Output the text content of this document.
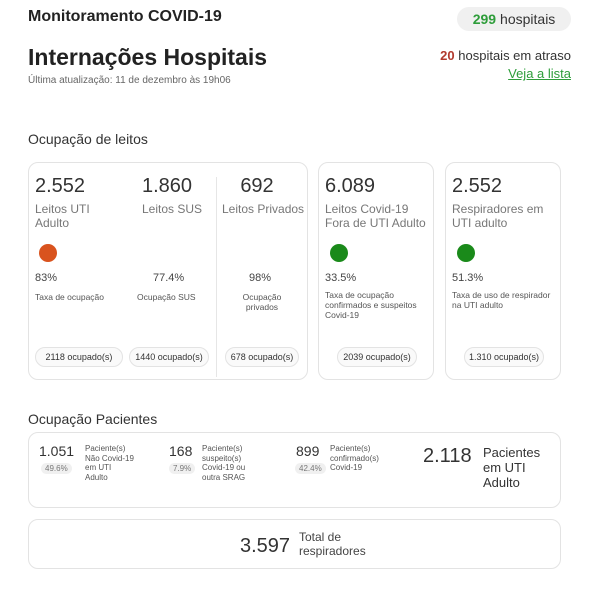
Monitoramento COVID-19	299 hospitais
Internações Hospitais
Última atualização: 11 de dezembro às 19h06
20 hospitais em atraso
Veja a lista
Ocupação de leitos
2.552
Leitos UTI Adulto
83%
Taxa de ocupação
2118 ocupado(s)
1.860
Leitos SUS
77.4%
Ocupação SUS
1440 ocupado(s)
692
Leitos Privados
98%
Ocupação privados
678 ocupado(s)
6.089
Leitos Covid-19 Fora de UTI Adulto
33.5%
Taxa de ocupação confirmados e suspeitos Covid-19
2039 ocupado(s)
2.552
Respiradores em UTI adulto
51.3%
Taxa de uso de respirador na UTI adulto
1.310 ocupado(s)
Ocupação Pacientes
1.051
49.6%
Paciente(s) Não Covid-19 em UTI Adulto
168
7.9%
Paciente(s) suspeito(s) Covid-19 ou outra SRAG
899
42.4%
Paciente(s) confirmado(s) Covid-19
2.118 Pacientes em UTI Adulto
3.597 Total de respiradores
